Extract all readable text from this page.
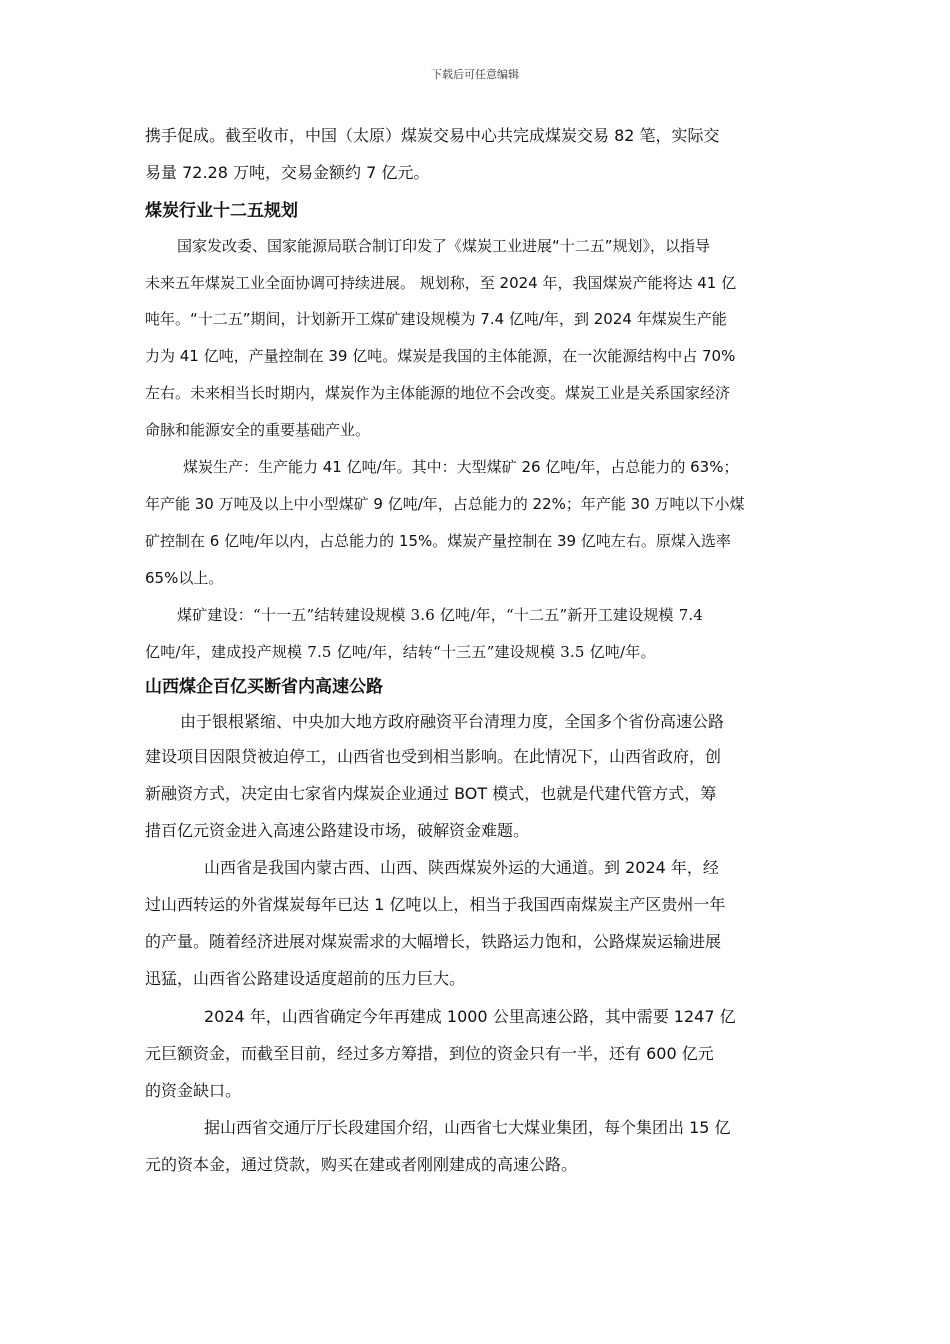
下载后可任意编辑
携手促成。截至收市，中国（太原）煤炭交易中心共完成煤炭交易 82 笔，实际交
易量 72.28 万吨，交易金额约 7 亿元。
煤炭行业十二五规划
国家发改委、国家能源局联合制订印发了《煤炭工业进展“十二五”规划》，以指导
未来五年煤炭工业全面协调可持续进展。 规划称，至 2024 年，我国煤炭产能将达 41 亿
吨年。“十二五”期间，计划新开工煤矿建设规模为 7.4 亿吨/年，到 2024 年煤炭生产能
力为 41 亿吨，产量控制在 39 亿吨。煤炭是我国的主体能源，在一次能源结构中占 70%
左右。未来相当长时期内，煤炭作为主体能源的地位不会改变。煤炭工业是关系国家经济
命脉和能源安全的重要基础产业。
煤炭生产：生产能力 41 亿吨/年。其中：大型煤矿 26 亿吨/年，占总能力的 63%；
年产能 30 万吨及以上中小型煤矿 9 亿吨/年，占总能力的 22%；年产能 30 万吨以下小煤
矿控制在 6 亿吨/年以内，占总能力的 15%。煤炭产量控制在 39 亿吨左右。原煤入选率
65%以上。
煤矿建设：“十一五”结转建设规模 3.6 亿吨/年，“十二五”新开工建设规模 7.4
亿吨/年，建成投产规模 7.5 亿吨/年，结转“十三五”建设规模 3.5 亿吨/年。
山西煤企百亿买断省内高速公路
由于银根紧缩、中央加大地方政府融资平台清理力度，全国多个省份高速公路
建设项目因限贷被迫停工，山西省也受到相当影响。在此情况下，山西省政府，创
新融资方式，决定由七家省内煤炭企业通过 BOT 模式，也就是代建代管方式，筹
措百亿元资金进入高速公路建设市场，破解资金难题。
山西省是我国内蒙古西、山西、陕西煤炭外运的大通道。到 2024 年，经
过山西转运的外省煤炭每年已达 1 亿吨以上，相当于我国西南煤炭主产区贵州一年
的产量。随着经济进展对煤炭需求的大幅增长，铁路运力饱和，公路煤炭运输进展
迅猛，山西省公路建设适度超前的压力巨大。
2024 年，山西省确定今年再建成 1000 公里高速公路，其中需要 1247 亿
元巨额资金，而截至目前，经过多方筹措，到位的资金只有一半，还有 600 亿元
的资金缺口。
据山西省交通厅厅长段建国介绍，山西省七大煤业集团，每个集团出 15 亿
元的资本金，通过贷款，购买在建或者刚刚建成的高速公路。
